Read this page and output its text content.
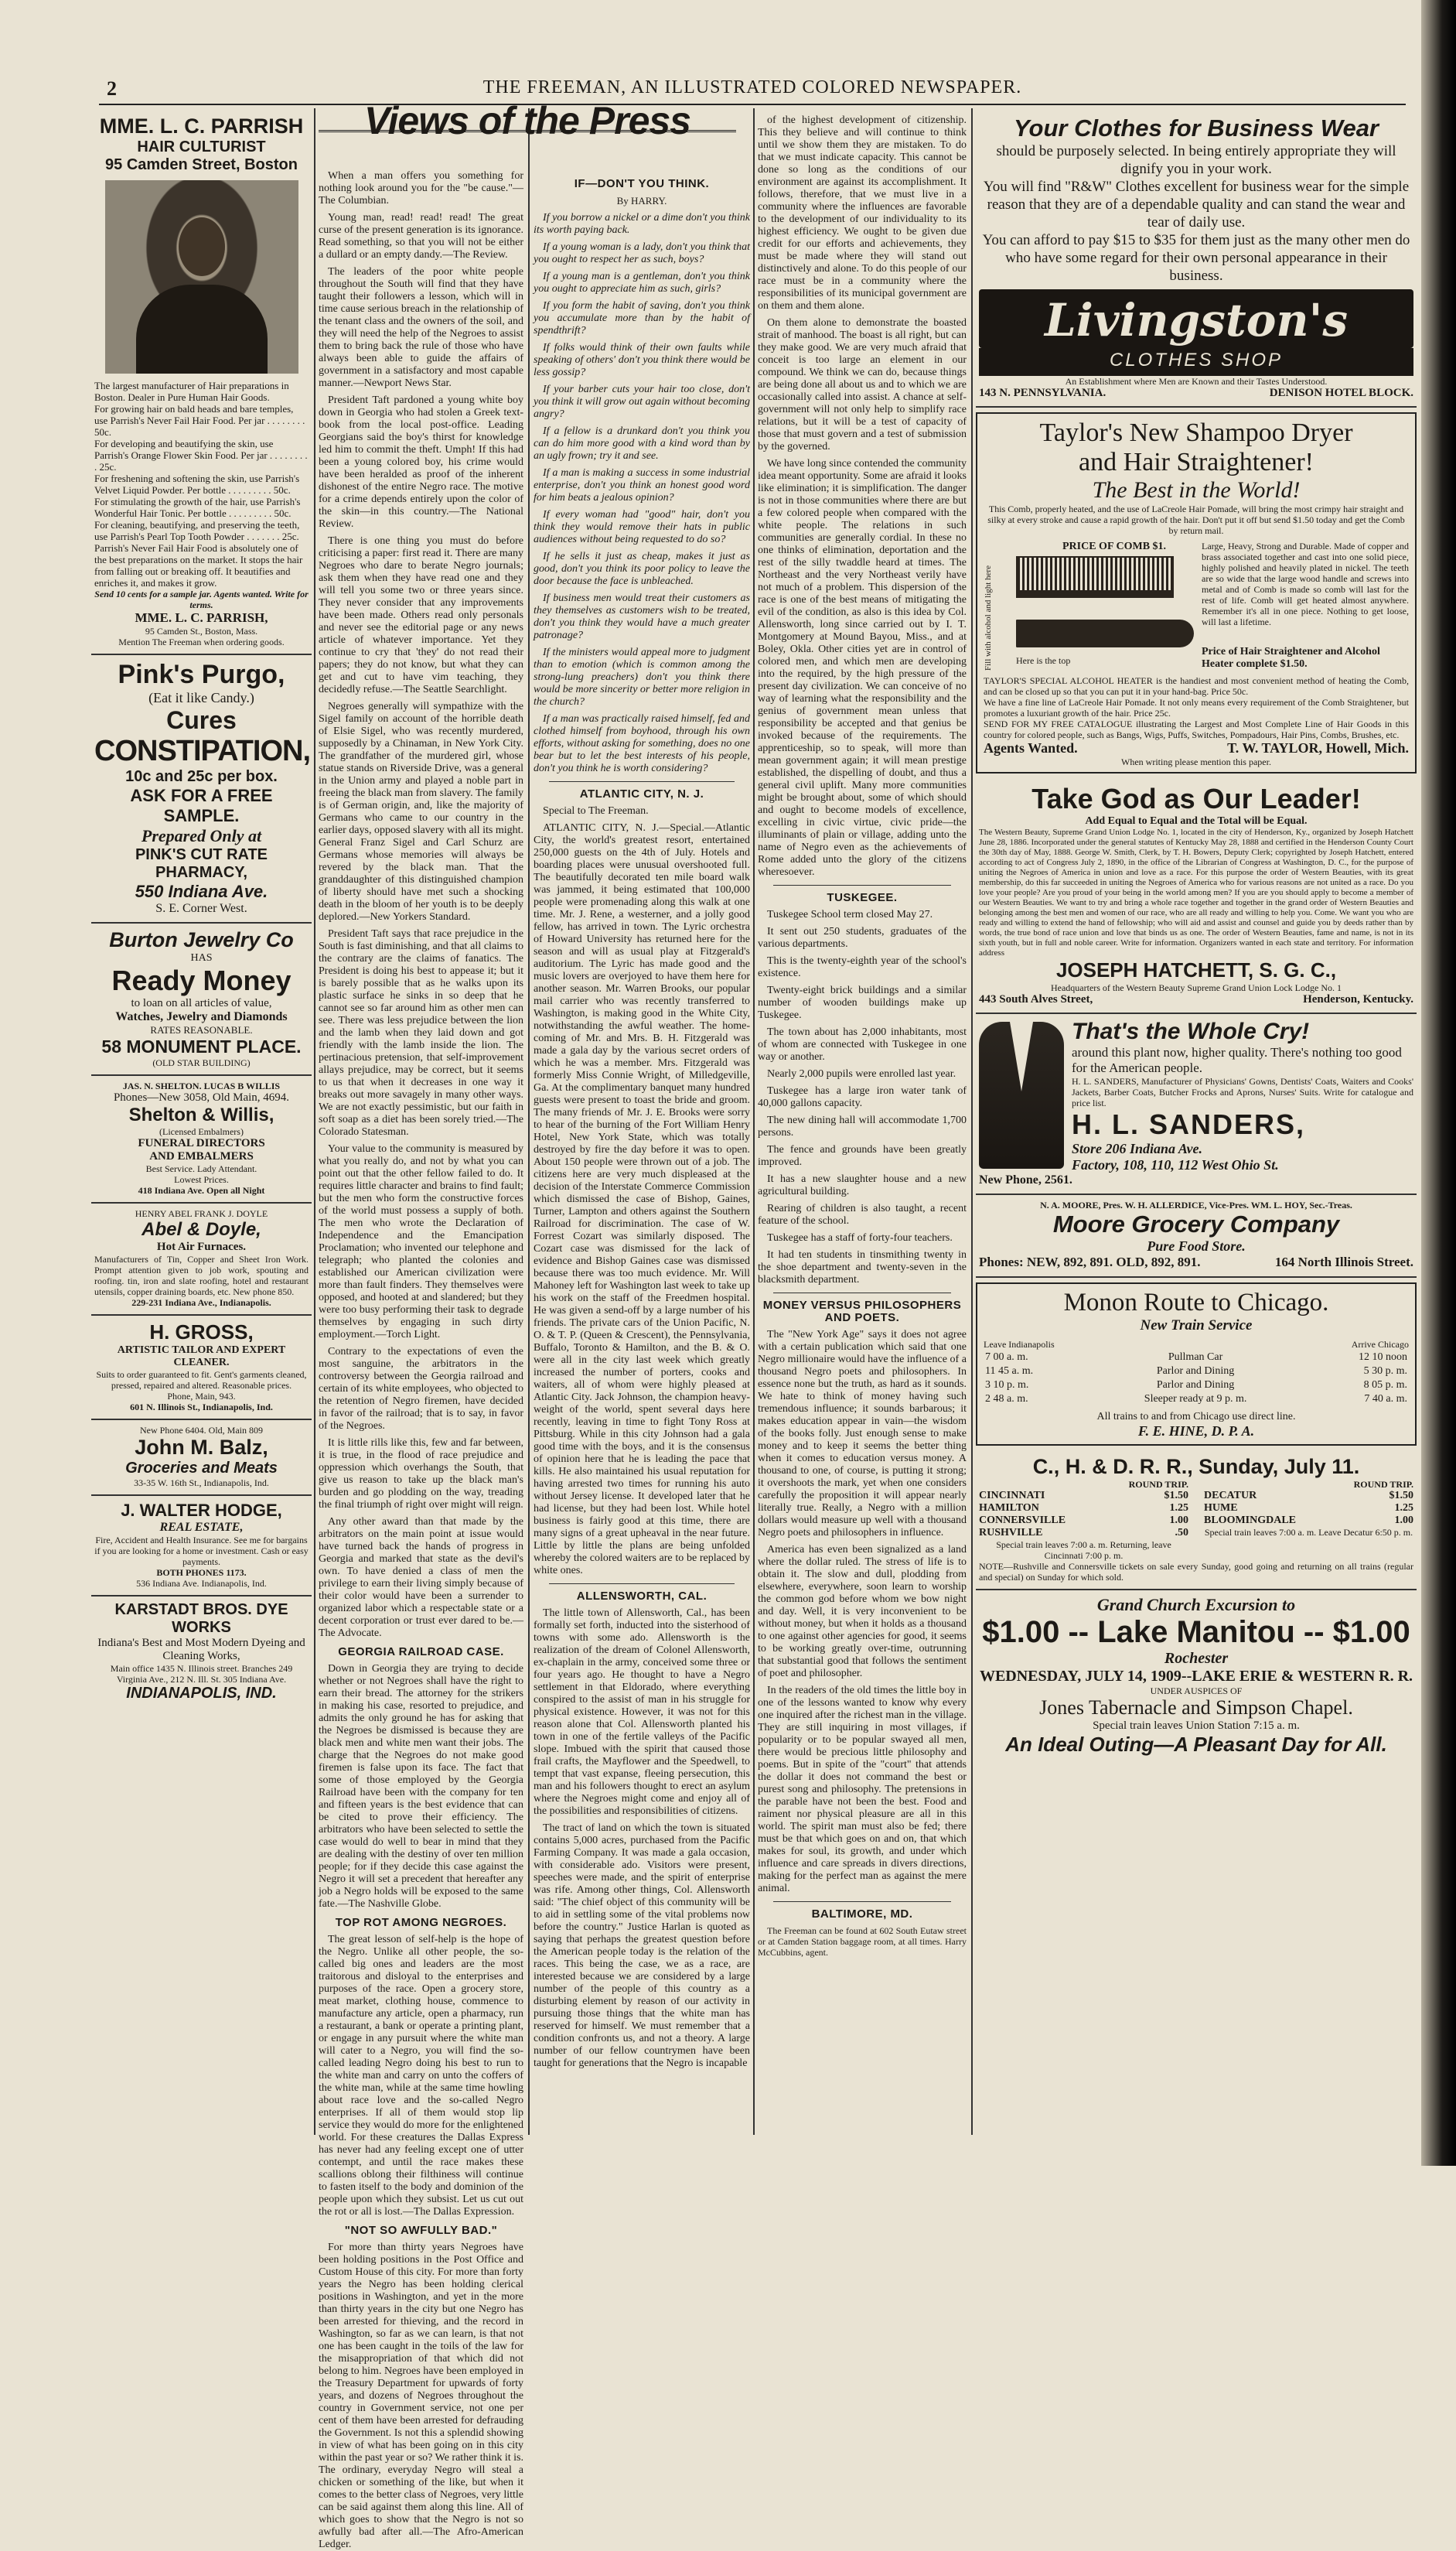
2	THE FREEMAN, AN ILLUSTRATED COLORED NEWSPAPER.
MME. L. C. PARRISH
HAIR CULTURIST
95 Camden Street, Boston
The largest manufacturer of Hair preparations in Boston. Dealer in Pure Human Hair Goods.
For growing hair on bald heads and bare temples, use Parrish's Never Fail Hair Food. Per jar . . . . . . . . 50c.
For developing and beautifying the skin, use Parrish's Orange Flower Skin Food. Per jar . . . . . . . . . 25c.
For freshening and softening the skin, use Parrish's Velvet Liquid Powder. Per bottle . . . . . . . . . 50c.
For stimulating the growth of the hair, use Parrish's Wonderful Hair Tonic. Per bottle . . . . . . . . . 50c.
For cleaning, beautifying, and preserving the teeth, use Parrish's Pearl Top Tooth Powder . . . . . . . 25c.
Parrish's Never Fail Hair Food is absolutely one of the best preparations on the market. It stops the hair from falling out or breaking off. It beautifies and enriches it, and makes it grow.
Send 10 cents for a sample jar. Agents wanted. Write for terms.
MME. L. C. PARRISH,
95 Camden St., Boston, Mass.
Mention The Freeman when ordering goods.
Pink's Purgo,
(Eat it like Candy.)
Cures
CONSTIPATION,
10c and 25c per box.
ASK FOR A FREE SAMPLE.
Prepared Only at
PINK'S CUT RATE PHARMACY,
550 Indiana Ave.
S. E. Corner West.
Burton Jewelry Co
HAS
Ready Money
to loan on all articles of value,
Watches, Jewelry and Diamonds
RATES REASONABLE.
58 MONUMENT PLACE.
(OLD STAR BUILDING)
JAS. N. SHELTON. LUCAS B WILLIS
Phones—New 3058, Old Main, 4694.
Shelton & Willis,
(Licensed Embalmers)
FUNERAL DIRECTORS
AND EMBALMERS
Best Service. Lady Attendant.
Lowest Prices.
418 Indiana Ave. Open all Night
HENRY ABEL FRANK J. DOYLE
Abel & Doyle,
Hot Air Furnaces.
Manufacturers of Tin, Copper and Sheet Iron Work. Prompt attention given to job work, spouting and roofing. tin, iron and slate roofing, hotel and restaurant utensils, copper draining boards, etc. New phone 850.
229-231 Indiana Ave., Indianapolis.
H. GROSS,
ARTISTIC TAILOR AND EXPERT CLEANER.
Suits to order guaranteed to fit. Gent's garments cleaned, pressed, repaired and altered. Reasonable prices.
Phone, Main, 943.
601 N. Illinois St., Indianapolis, Ind.
New Phone 6404. Old, Main 809
John M. Balz,
Groceries and Meats
33-35 W. 16th St., Indianapolis, Ind.
J. WALTER HODGE,
REAL ESTATE,
Fire, Accident and Health Insurance. See me for bargains if you are looking for a home or investment. Cash or easy payments.
BOTH PHONES 1173.
536 Indiana Ave. Indianapolis, Ind.
KARSTADT BROS. DYE WORKS
Indiana's Best and Most Modern Dyeing and Cleaning Works,
Main office 1435 N. Illinois street. Branches 249 Virginia Ave., 212 N. Ill. St. 305 Indiana Ave.
INDIANAPOLIS, IND.
Views of the Press

When a man offers you something for nothing look around you for the "be cause."—The Columbian.

Young man, read! read! read! The great curse of the present generation is its ignorance. Read something, so that you will not be either a dullard or an empty dandy.—The Review.

The leaders of the poor white people throughout the South will find that they have taught their followers a lesson, which will in time cause serious breach in the relationship of the tenant class and the owners of the soil, and they will need the help of the Negroes to assist them to bring back the rule of those who have always been able to guide the affairs of government in a satisfactory and most capable manner.—Newport News Star.

President Taft pardoned a young white boy down in Georgia who had stolen a Greek text-book from the local post-office. Leading Georgians said the boy's thirst for knowledge led him to commit the theft. Umph! If this had been a young colored boy, his crime would have been heralded as proof of the inherent dishonest of the entire Negro race. The motive for a crime depends entirely upon the color of the skin—in this country.—The National Review.

There is one thing you must do before criticising a paper: first read it. There are many Negroes who dare to berate Negro journals; ask them when they have read one and they will tell you some two or three years since. They never consider that any improvements have been made. Others read only personals and never see the editorial page or any news article of whatever importance. Yet they continue to cry that 'they' do not read their papers; they do not know, but what they can get and cut to have vim teaching, they decidedly refuse.—The Seattle Searchlight.

Negroes generally will sympathize with the Sigel family on account of the horrible death of Elsie Sigel, who was recently murdered, supposedly by a Chinaman, in New York City. The grandfather of the murdered girl, whose statue stands on Riverside Drive, was a general in the Union army and played a noble part in freeing the black man from slavery. The family is of German origin, and, like the majority of Germans who came to our country in the earlier days, opposed slavery with all its might. General Franz Sigel and Carl Schurz are Germans whose memories will always be revered by the black man. That the granddaughter of this distinguished champion of liberty should have met such a shocking death in the bloom of her youth is to be deeply deplored.—New Yorkers Standard.

President Taft says that race prejudice in the South is fast diminishing, and that all claims to the contrary are the claims of fanatics. The President is doing his best to appease it; but it is barely possible that as he walks upon its plastic surface he sinks in so deep that he cannot see so far around him as other men can see. There was less prejudice between the lion and the lamb when they laid down and got friendly with the lamb inside the lion. The pertinacious pretension, that self-improvement allays prejudice, may be correct, but it seems to us that when it decreases in one way it breaks out more savagely in many other ways. We are not exactly pessimistic, but our faith in soft soap as a diet has been sorely tried.—The Colorado Statesman.

Your value to the community is measured by what you really do, and not by what you can point out that the other fellow failed to do. It requires little character and brains to find fault; but the men who form the constructive forces of the world must possess a supply of both. The men who wrote the Declaration of Independence and the Emancipation Proclamation; who invented our telephone and telegraph; who planted the colonies and established our American civilization were more than fault finders. They themselves were opposed, and hooted at and slandered; but they were too busy performing their task to degrade themselves by engaging in such dirty employment.—Torch Light.

Contrary to the expectations of even the most sanguine, the arbitrators in the controversy between the Georgia railroad and certain of its white employees, who objected to the retention of Negro firemen, have decided in favor of the railroad; that is to say, in favor of the Negroes.

It is little rills like this, few and far between, it is true, in the flood of race prejudice and oppression which overhangs the South, that give us reason to take up the black man's burden and go plodding on the way, treading the final triumph of right over might will reign.

Any other award than that made by the arbitrators on the main point at issue would have turned back the hands of progress in Georgia and marked that state as the devil's own. To have denied a class of men the privilege to earn their living simply because of their color would have been a surrender to organized labor which a respectable state or a decent corporation or trust ever dared to be.—The Advocate.

GEORGIA RAILROAD CASE.

Down in Georgia they are trying to decide whether or not Negroes shall have the right to earn their bread. The attorney for the strikers in making his case, resorted to prejudice, and admits the only ground he has for asking that the Negroes be dismissed is because they are black men and white men want their jobs. The charge that the Negroes do not make good firemen is false upon its face. The fact that some of those employed by the Georgia Railroad have been with the company for ten and fifteen years is the best evidence that can be cited to prove their efficiency. The arbitrators who have been selected to settle the case would do well to bear in mind that they are dealing with the destiny of over ten million people; for if they decide this case against the Negro it will set a precedent that hereafter any job a Negro holds will be exposed to the same fate.—The Nashville Globe.

TOP ROT AMONG NEGROES.

The great lesson of self-help is the hope of the Negro. Unlike all other people, the so-called big ones and leaders are the most traitorous and disloyal to the enterprises and purposes of the race. Open a grocery store, meat market, clothing house, commence to manufacture any article, open a pharmacy, run a restaurant, a bank or operate a printing plant, or engage in any pursuit where the white man will cater to a Negro, you will find the so-called leading Negro doing his best to run to the white man and carry on unto the coffers of the white man, while at the same time howling about race love and the so-called Negro enterprises. If all of them would stop lip service they would do more for the enlightened world. For these creatures the Dallas Express has never had any feeling except one of utter contempt, and until the race makes these scallions oblong their filthiness will continue to fasten itself to the body and dominion of the people upon which they subsist. Let us cut out the rot or all is lost.—The Dallas Expression.

"NOT SO AWFULLY BAD."

For more than thirty years Negroes have been holding positions in the Post Office and Custom House of this city. For more than forty years the Negro has been holding clerical positions in Washington, and yet in the more than thirty years in the city but one Negro has been arrested for thieving, and the record in Washington, so far as we can learn, is that not one has been caught in the toils of the law for the misappropriation of that which did not belong to him. Negroes have been employed in the Treasury Department for upwards of forty years, and dozens of Negroes throughout the country in Government service, not one per cent of them have been arrested for defrauding the Government. Is not this a splendid showing in view of what has been going on in this city within the past year or so? We rather think it is. The ordinary, everyday Negro will steal a chicken or something of the like, but when it comes to the better class of Negroes, very little can be said against them along this line. All of which goes to show that the Negro is not so awfully bad after all.—The Afro-American Ledger.

IF—DON'T YOU THINK.
By HARRY.

If you borrow a nickel or a dime don't you think its worth paying back.

If a young woman is a lady, don't you think that you ought to respect her as such, boys?

If a young man is a gentleman, don't you think you ought to appreciate him as such, girls?

If you form the habit of saving, don't you think you accumulate more than by the habit of spendthrift?

If folks would think of their own faults while speaking of others' don't you think there would be less gossip?

If your barber cuts your hair too close, don't you think it will grow out again without becoming angry?

If a fellow is a drunkard don't you think you can do him more good with a kind word than by an ugly frown; try it and see.

If a man is making a success in some industrial enterprise, don't you think an honest good word for him beats a jealous opinion?

If every woman had "good" hair, don't you think they would remove their hats in public audiences without being requested to do so?

If he sells it just as cheap, makes it just as good, don't you think its poor policy to leave the door because the face is unbleached.

If business men would treat their customers as they themselves as customers wish to be treated, don't you think they would have a much greater patronage?

If the ministers would appeal more to judgment than to emotion (which is common among the strong-lung preachers) don't you think there would be more sincerity or better more religion in the church?

If a man was practically raised himself, fed and clothed himself from boyhood, through his own efforts, without asking for something, does no one bear but to let the best interests of his people, don't you think he is worth considering?

ATLANTIC CITY, N. J.

Special to The Freeman.

ATLANTIC CITY, N. J.—Special.—Atlantic City, the world's greatest resort, entertained 250,000 guests on the 4th of July. Hotels and boarding places were unusual overshooted full. The beautifully decorated ten mile board walk was jammed, it being estimated that 100,000 people were promenading along this walk at one time. Mr. J. Rene, a westerner, and a jolly good fellow, has arrived in town. The Lyric orchestra of Howard University has returned here for the season and will as usual play at Fitzgerald's auditorium. The Lyric has made good and the music lovers are overjoyed to have them here for another season. Mr. Warren Brooks, our popular mail carrier who was recently transferred to Washington, is making good in the White City, notwithstanding the awful weather. The home-coming of Mr. and Mrs. B. H. Fitzgerald was made a gala day by the various secret orders of which he was a member. Mrs. Fitzgerald was formerly Miss Connie Wright, of Milledgeville, Ga. At the complimentary banquet many hundred guests were present to toast the bride and groom. The many friends of Mr. J. E. Brooks were sorry to hear of the burning of the Fort William Henry Hotel, New York State, which was totally destroyed by fire the day before it was to open. About 150 people were thrown out of a job. The citizens here are very much displeased at the decision of the Interstate Commerce Commission which dismissed the case of Bishop, Gaines, Turner, Lampton and others against the Southern Railroad for discrimination. The case of W. Forrest Cozart was similarly disposed. The Cozart case was dismissed for the lack of evidence and Bishop Gaines case was dismissed because there was too much evidence. Mr. Will Mahoney left for Washington last week to take up his work on the staff of the Freedmen hospital. He was given a send-off by a large number of his friends. The private cars of the Union Pacific, N. O. & T. P. (Queen & Crescent), the Pennsylvania, Buffalo, Toronto & Hamilton, and the B. & O. were all in the city last week which greatly increased the number of porters, cooks and waiters, all of whom were highly pleased at Atlantic City. Jack Johnson, the champion heavy-weight of the world, spent several days here recently, leaving in time to fight Tony Ross at Pittsburg. While in this city Johnson had a gala good time with the boys, and it is the consensus of opinion here that he is leading the pace that kills. He also maintained his usual reputation for having arrested two times for running his auto without Jersey license. It developed later that he had license, but they had been lost. While hotel business is fairly good at this time, there are many signs of a great upheaval in the near future. Little by little the plans are being unfolded whereby the colored waiters are to be replaced by white ones.

ALLENSWORTH, CAL.

The little town of Allensworth, Cal., has been formally set forth, inducted into the sisterhood of towns with some ado. Allensworth is the realization of the dream of Colonel Allensworth, ex-chaplain in the army, conceived some three or four years ago. He thought to have a Negro settlement in that Eldorado, where everything conspired to the assist of man in his struggle for physical existence. However, it was not for this reason alone that Col. Allensworth planted his town in one of the fertile valleys of the Pacific slope. Imbued with the spirit that caused those frail crafts, the Mayflower and the Speedwell, to tempt that vast expanse, fleeing persecution, this man and his followers thought to erect an asylum where the Negroes might come and enjoy all of the possibilities and responsibilities of citizens.

The tract of land on which the town is situated contains 5,000 acres, purchased from the Pacific Farming Company. It was made a gala occasion, with considerable ado. Visitors were present, speeches were made, and the spirit of enterprise was rife. Among other things, Col. Allensworth said: "The chief object of this community will be to aid in settling some of the vital problems now before the country." Justice Harlan is quoted as saying that perhaps the greatest question before the American people today is the relation of the races. This being the case, we as a race, are interested because we are considered by a large number of the people of this country as a disturbing element by reason of our activity in pursuing those things that the white man has reserved for himself. We must remember that a condition confronts us, and not a theory. A large number of our fellow countrymen have been taught for generations that the Negro is incapable

of the highest development of citizenship. This they believe and will continue to think until we show them they are mistaken. To do that we must indicate capacity. This cannot be done so long as the conditions of our environment are against its accomplishment. It follows, therefore, that we must live in a community where the influences are favorable to the development of our individuality to its highest efficiency. We ought to be given due credit for our efforts and achievements, they must be made where they will stand out distinctively and alone. To do this people of our race must be in a community where the responsibilities of its municipal government are on them and them alone.

On them alone to demonstrate the boasted strait of manhood. The boast is all right, but can they make good. We are very much afraid that conceit is too large an element in our compound. We think we can do, because things are being done all about us and to which we are occasionally called into assist. A chance at self-government will not only help to simplify race relations, but it will be a test of capacity of those that must govern and a test of submission by the governed.

We have long since contended the community idea meant opportunity. Some are afraid it looks like elimination; it is simplification. The danger is not in those communities where there are but a few colored people when compared with the white people. The relations in such communities are generally cordial. In these no one thinks of elimination, deportation and the rest of the silly twaddle heard at times. The Northeast and the very Northeast verily have not much of a problem. This dispersion of the race is one of the best means of mitigating the evil of the condition, as also is this idea by Col. Allensworth, long since carried out by I. T. Montgomery at Mound Bayou, Miss., and at Boley, Okla. Other cities yet are in control of colored men, and which men are developing into the required, by the high pressure of the present day civilization. We can conceive of no way of learning what the responsibility and the genius of government mean unless that responsibility be accepted and that genius be invoked because of the requirements. The apprenticeship, so to speak, will more than mean government again; it will mean prestige established, the dispelling of doubt, and thus a general civil uplift. Many more communities might be brought about, some of which should and ought to become models of excellence, excelling in civic virtue, civic pride—the illuminants of plain or village, adding unto the name of Negro even as the achievements of Rome added unto the glory of the citizens wheresoever.

TUSKEGEE.

Tuskegee School term closed May 27.

It sent out 250 students, graduates of the various departments.

This is the twenty-eighth year of the school's existence.

Twenty-eight brick buildings and a similar number of wooden buildings make up Tuskegee.

The town about has 2,000 inhabitants, most of whom are connected with Tuskegee in one way or another.

Nearly 2,000 pupils were enrolled last year.

Tuskegee has a large iron water tank of 40,000 gallons capacity.

The new dining hall will accommodate 1,700 persons.

The fence and grounds have been greatly improved.

It has a new slaughter house and a new agricultural building.

Rearing of children is also taught, a recent feature of the school.

Tuskegee has a staff of forty-four teachers.

It had ten students in tinsmithing twenty in the shoe department and twenty-seven in the blacksmith department.

MONEY VERSUS PHILOSOPHERS AND POETS.

The "New York Age" says it does not agree with a certain publication which said that one Negro millionaire would have the influence of a thousand Negro poets and philosophers. In essence none but the truth, as hard as it sounds. We hate to think of money having such tremendous influence; it sounds barbarous; it makes education appear in vain—the wisdom of the books folly. Just enough sense to make money and to keep it seems the better thing when it comes to education versus money. A thousand to one, of course, is putting it strong; it overshoots the mark, yet when one considers carefully the proposition it will appear nearly literally true. Really, a Negro with a million dollars would measure up well with a thousand Negro poets and philosophers in influence.

America has even been signalized as a land where the dollar ruled. The stress of life is to obtain it. The slow and dull, plodding from elsewhere, everywhere, soon learn to worship the common god before whom we bow night and day. Well, it is very inconvenient to be without money, but when it holds as a thousand to one against other agencies for good, it seems to be working greatly over-time, outrunning that substantial good that follows the sentiment of poet and philosopher.

In the readers of the old times the little boy in one of the lessons wanted to know why every one inquired after the richest man in the village. They are still inquiring in most villages, if popularity or to be popular swayed all men, there would be precious little philosophy and poems. But in spite of the "court" that attends the dollar it does not command the best or purest song and philosophy. The pretensions in the parable have not been the best. Food and raiment nor physical pleasure are all in this world. The spirit man must also be fed; there must be that which goes on and on, that which makes for soul, its growth, and under which influence and care spreads in divers directions, making for the perfect man as against the mere animal.

BALTIMORE, MD.

The Freeman can be found at 602 South Eutaw street or at Camden Station baggage room, at all times. Harry McCubbins, agent.

Your Clothes for Business Wear
should be purposely selected. In being entirely appropriate they will dignify you in your work.
You will find "R&W" Clothes excellent for business wear for the simple reason that they are of a dependable quality and can stand the wear and tear of daily use.
You can afford to pay $15 to $35 for them just as the many other men do who have some regard for their own personal appearance in their business.
Livingston's
CLOTHES SHOP
An Establishment where Men are Known and their Tastes Understood.
143 N. PENNSYLVANIA.	DENISON HOTEL BLOCK.
Taylor's New Shampoo Dryer
and Hair Straightener!
The Best in the World!
This Comb, properly heated, and the use of LaCreole Hair Pomade, will bring the most crimpy hair straight and silky at every stroke and cause a rapid growth of the hair. Don't put it off but send $1.50 today and get the Comb by return mail.
Fill with alcohol and light here
PRICE OF COMB $1.
Here is the top
Large, Heavy, Strong and Durable. Made of copper and brass associated together and cast into one solid piece, highly polished and heavily plated in nickel. The teeth are so wide that the large wood handle and screws into metal and of Comb is made so comb will last for the rest of life. Comb will get heated almost anywhere. Remember it's all in one piece. Nothing to get loose, will last a lifetime.
Price of Hair Straightener and Alcohol Heater complete $1.50.
TAYLOR'S SPECIAL ALCOHOL HEATER is the handiest and most convenient method of heating the Comb, and can be closed up so that you can put it in your hand-bag. Price 50c.
We have a fine line of LaCreole Hair Pomade. It not only means every requirement of the Comb Straightener, but promotes a luxuriant growth of the hair. Price 25c.
SEND FOR MY FREE CATALOGUE illustrating the Largest and Most Complete Line of Hair Goods in this country for colored people, such as Bangs, Wigs, Puffs, Switches, Pompadours, Hair Pins, Combs, Brushes, etc.
Agents Wanted.	T. W. TAYLOR, Howell, Mich.
When writing please mention this paper.
Take God as Our Leader!
Add Equal to Equal and the Total will be Equal.
The Western Beauty, Supreme Grand Union Lodge No. 1, located in the city of Henderson, Ky., organized by Joseph Hatchett June 28, 1886. Incorporated under the general statutes of Kentucky May 28, 1888 and certified in the Henderson County Court the 30th day of May, 1888. George W. Smith, Clerk, by T. H. Bowers, Deputy Clerk; copyrighted by Joseph Hatchett, entered according to act of Congress July 2, 1890, in the office of the Librarian of Congress at Washington, D. C., for the purpose of uniting the Negroes of America in union and love as a race. For this purpose the order of Western Beauties, with its great membership, do this far succeeded in uniting the Negroes of America who for various reasons are not united as a race. Do you love your people? Are you proud of your being in the world among men? If you are you should apply to become a member of our Western Beauties. We want to try and bring a whole race together and together in the grand order of Western Beauties and belonging among the best men and women of our race, who are all ready and willing to help you. Come. We want you who are ready and willing to extend the hand of fellowship; who will aid and assist and counsel and guide you by deeds rather than by words, the true bond of race union and love that binds us as one. The order of Western Beauties, fame and name, is not in its sixth youth, but in full and noble career. Write for information. Organizers wanted in each state and territory. For information address
JOSEPH HATCHETT, S. G. C.,
Headquarters of the Western Beauty Supreme Grand Union Lock Lodge No. 1
443 South Alves Street,	Henderson, Kentucky.
That's the Whole Cry!
around this plant now, higher quality. There's nothing too good for the American people.
H. L. SANDERS, Manufacturer of Physicians' Gowns, Dentists' Coats, Waiters and Cooks' Jackets, Barber Coats, Butcher Frocks and Aprons, Nurses' Suits. Write for catalogue and price list.
H. L. SANDERS,
Store 206 Indiana Ave.
Factory, 108, 110, 112 West Ohio St.
New Phone, 2561.
N. A. MOORE, Pres. W. H. ALLERDICE, Vice-Pres. WM. L. HOY, Sec.-Treas.
Moore Grocery Company
Pure Food Store.
Phones: NEW, 892, 891. OLD, 892, 891.	164 North Illinois Street.
Monon Route to Chicago.
New Train Service
Leave Indianapolis	Arrive Chicago
7 00 a. m.	Pullman Car	12 10 noon
11 45 a. m.	Parlor and Dining	5 30 p. m.
3 10 p. m.	Parlor and Dining	8 05 p. m.
2 48 a. m.	Sleeper ready at 9 p. m.	7 40 a. m.
All trains to and from Chicago use direct line.
F. E. HINE, D. P. A.
C., H. & D. R. R., Sunday, July 11.
ROUND TRIP.
CINCINNATI	$1.50
HAMILTON	1.25
CONNERSVILLE	1.00
RUSHVILLE	.50
Special train leaves 7:00 a. m. Returning, leave Cincinnati 7:00 p. m.
ROUND TRIP.
DECATUR	$1.50
HUME	1.25
BLOOMINGDALE	1.00
Special train leaves 7:00 a. m. Leave Decatur 6:50 p. m.
NOTE—Rushville and Connersville tickets on sale every Sunday, good going and returning on all trains (regular and special) on Sunday for which sold.
Grand Church Excursion to
$1.00 -- Lake Manitou -- $1.00
Rochester
WEDNESDAY, JULY 14, 1909--LAKE ERIE & WESTERN R. R.
UNDER AUSPICES OF
Jones Tabernacle and Simpson Chapel.
Special train leaves Union Station 7:15 a. m.
An Ideal Outing—A Pleasant Day for All.
